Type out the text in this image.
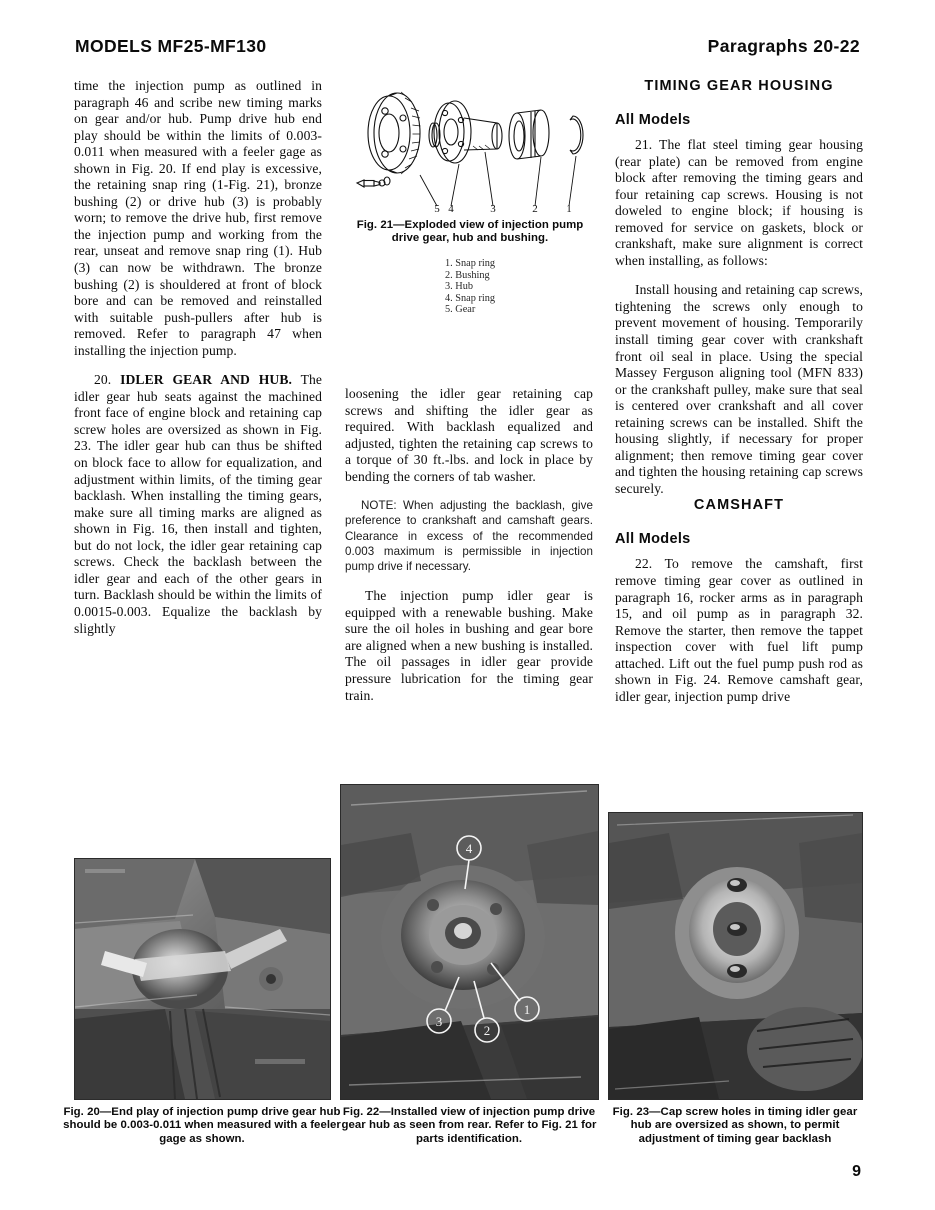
MODELS MF25-MF130	Paragraphs 20-22

time the injection pump as outlined in paragraph 46 and scribe new timing marks on gear and/or hub. Pump drive hub end play should be within the limits of 0.003-0.011 when measured with a feeler gage as shown in Fig. 20. If end play is excessive, the retaining snap ring (1-Fig. 21), bronze bushing (2) or drive hub (3) is probably worn; to remove the drive hub, first remove the injection pump and working from the rear, unseat and remove snap ring (1). Hub (3) can now be withdrawn. The bronze bushing (2) is shouldered at front of block bore and can be removed and reinstalled with suitable push-pullers after hub is removed. Refer to paragraph 47 when installing the injection pump.

20. IDLER GEAR AND HUB. The idler gear hub seats against the machined front face of engine block and retaining cap screw holes are oversized as shown in Fig. 23. The idler gear hub can thus be shifted on block face to allow for equalization, and adjustment within limits, of the timing gear backlash. When installing the timing gears, make sure all timing marks are aligned as shown in Fig. 16, then install and tighten, but do not lock, the idler gear retaining cap screws. Check the backlash between the idler gear and each of the other gears in turn. Backlash should be within the limits of 0.0015-0.003. Equalize the backlash by slightly

5 4	3	2	1
Fig. 21—Exploded view of injection pump drive gear, hub and bushing.
1. Snap ring
2. Bushing
3. Hub
4. Snap ring
5. Gear

loosening the idler gear retaining cap screws and shifting the idler gear as required. With backlash equalized and adjusted, tighten the retaining cap screws to a torque of 30 ft.-lbs. and lock in place by bending the corners of tab washer.

NOTE: When adjusting the backlash, give preference to crankshaft and camshaft gears. Clearance in excess of the recommended 0.003 maximum is permissible in injection pump drive if necessary.

The injection pump idler gear is equipped with a renewable bushing. Make sure the oil holes in bushing and gear bore are aligned when a new bushing is installed. The oil passages in idler gear provide pressure lubrication for the timing gear train.

TIMING GEAR HOUSING
All Models

21. The flat steel timing gear housing (rear plate) can be removed from engine block after removing the timing gears and four retaining cap screws. Housing is not doweled to engine block; if housing is removed for service on gaskets, block or crankshaft, make sure alignment is correct when installing, as follows:

Install housing and retaining cap screws, tightening the screws only enough to prevent movement of housing. Temporarily install timing gear cover with crankshaft front oil seal in place. Using the special Massey Ferguson aligning tool (MFN 833) or the crankshaft pulley, make sure that seal is centered over crankshaft and all cover retaining screws can be installed. Shift the housing slightly, if necessary for proper alignment; then remove timing gear cover and tighten the housing retaining cap screws securely.

CAMSHAFT
All Models

22. To remove the camshaft, first remove timing gear cover as outlined in paragraph 16, rocker arms as in paragraph 15, and oil pump as in paragraph 32. Remove the starter, then remove the tappet inspection cover with fuel lift pump attached. Lift out the fuel pump push rod as shown in Fig. 24. Remove camshaft gear, idler gear, injection pump drive

4
1
2
3
Fig. 20—End play of injection pump drive gear hub should be 0.003-0.011 when measured with a feeler gage as shown.
Fig. 22—Installed view of injection pump drive gear hub as seen from rear. Refer to Fig. 21 for parts identification.
Fig. 23—Cap screw holes in timing idler gear hub are oversized as shown, to permit adjustment of timing gear backlash
9
